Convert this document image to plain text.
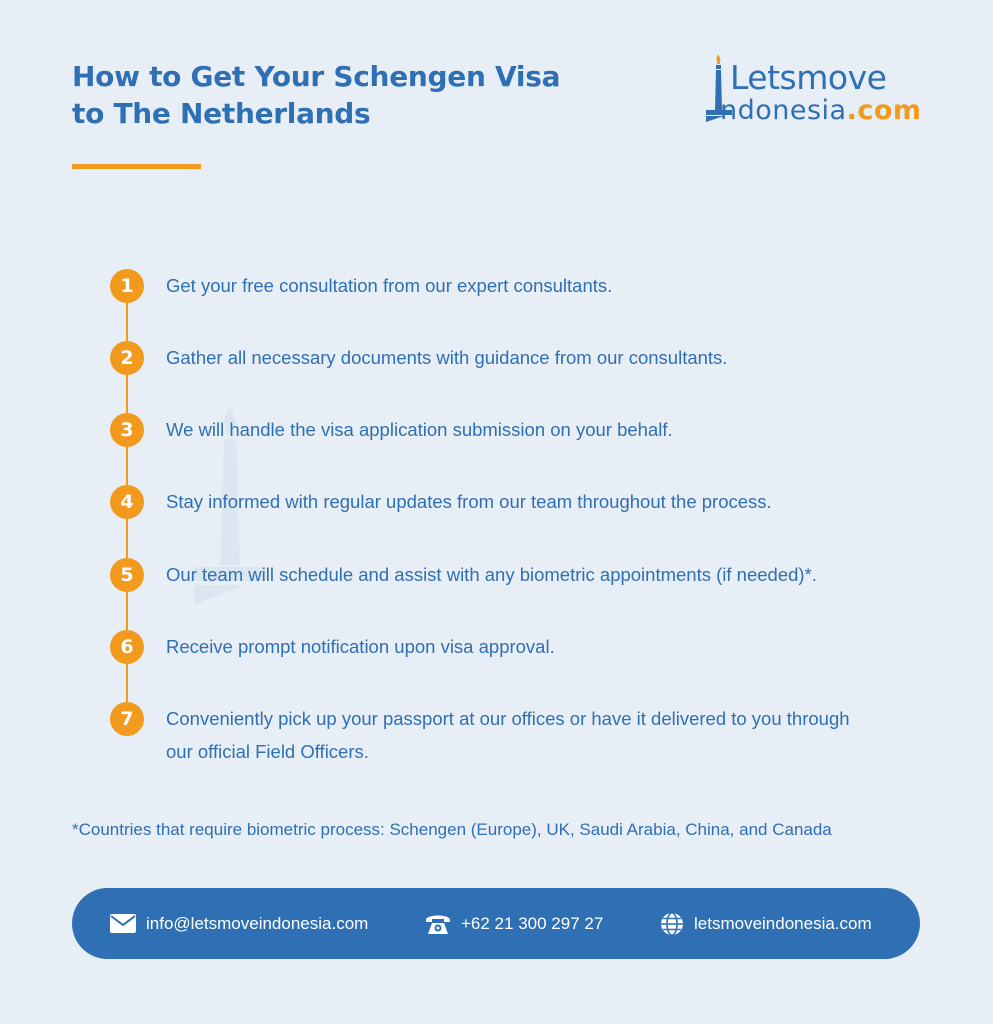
How to Get Your Schengen Visa
to The Netherlands
Letsmove
ndonesia.com
1	Get your free consultation from our expert consultants.
2	Gather all necessary documents with guidance from our consultants.
3	We will handle the visa application submission on your behalf.
4	Stay informed with regular updates from our team throughout the process.
5	Our team will schedule and assist with any biometric appointments (if needed)*.
6	Receive prompt notification upon visa approval.
7	Conveniently pick up your passport at our offices or have it delivered to you through our official Field Officers.

*Countries that require biometric process: Schengen (Europe), UK, Saudi Arabia, China, and Canada

info@letsmoveindonesia.com	+62 21 300 297 27	letsmoveindonesia.com
